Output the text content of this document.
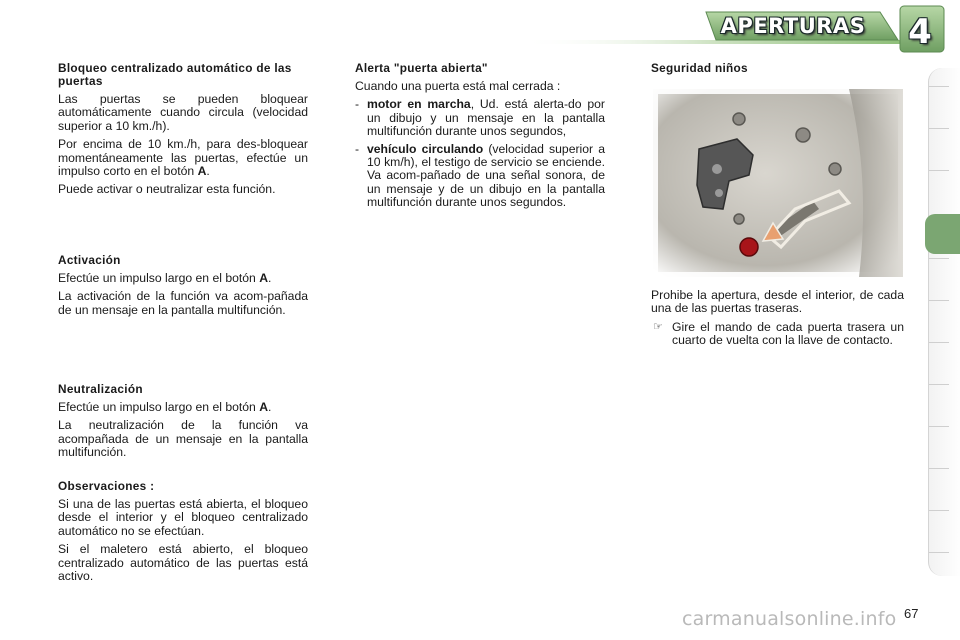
APERTURAS 4
Bloqueo centralizado automático de las puertas

Las puertas se pueden bloquear automáticamente cuando circula (velocidad superior a 10 km./h).

Por encima de 10 km./h, para des-bloquear momentáneamente las puertas, efectúe un impulso corto en el botón A.

Puede activar o neutralizar esta función.

Activación

Efectúe un impulso largo en el botón A.

La activación de la función va acom-pañada de un mensaje en la pantalla multifunción.

Neutralización

Efectúe un impulso largo en el botón A.

La neutralización de la función va acompañada de un mensaje en la pantalla multifunción.

Observaciones :

Si una de las puertas está abierta, el bloqueo desde el interior y el bloqueo centralizado automático no se efectúan.

Si el maletero está abierto, el bloqueo centralizado automático de las puertas está activo.

Alerta "puerta abierta"

Cuando una puerta está mal cerrada :

- motor en marcha, Ud. está alerta-do por un dibujo y un mensaje en la pantalla multifunción durante unos segundos,
- vehículo circulando (velocidad superior a 10 km/h), el testigo de servicio se enciende. Va acom-pañado de una señal sonora, de un mensaje y de un dibujo en la pantalla multifunción durante unos segundos.
Seguridad niños

Prohibe la apertura, desde el interior, de cada una de las puertas traseras.

☞ Gire el mando de cada puerta trasera un cuarto de vuelta con la llave de contacto.
carmanualsonline.info 67
